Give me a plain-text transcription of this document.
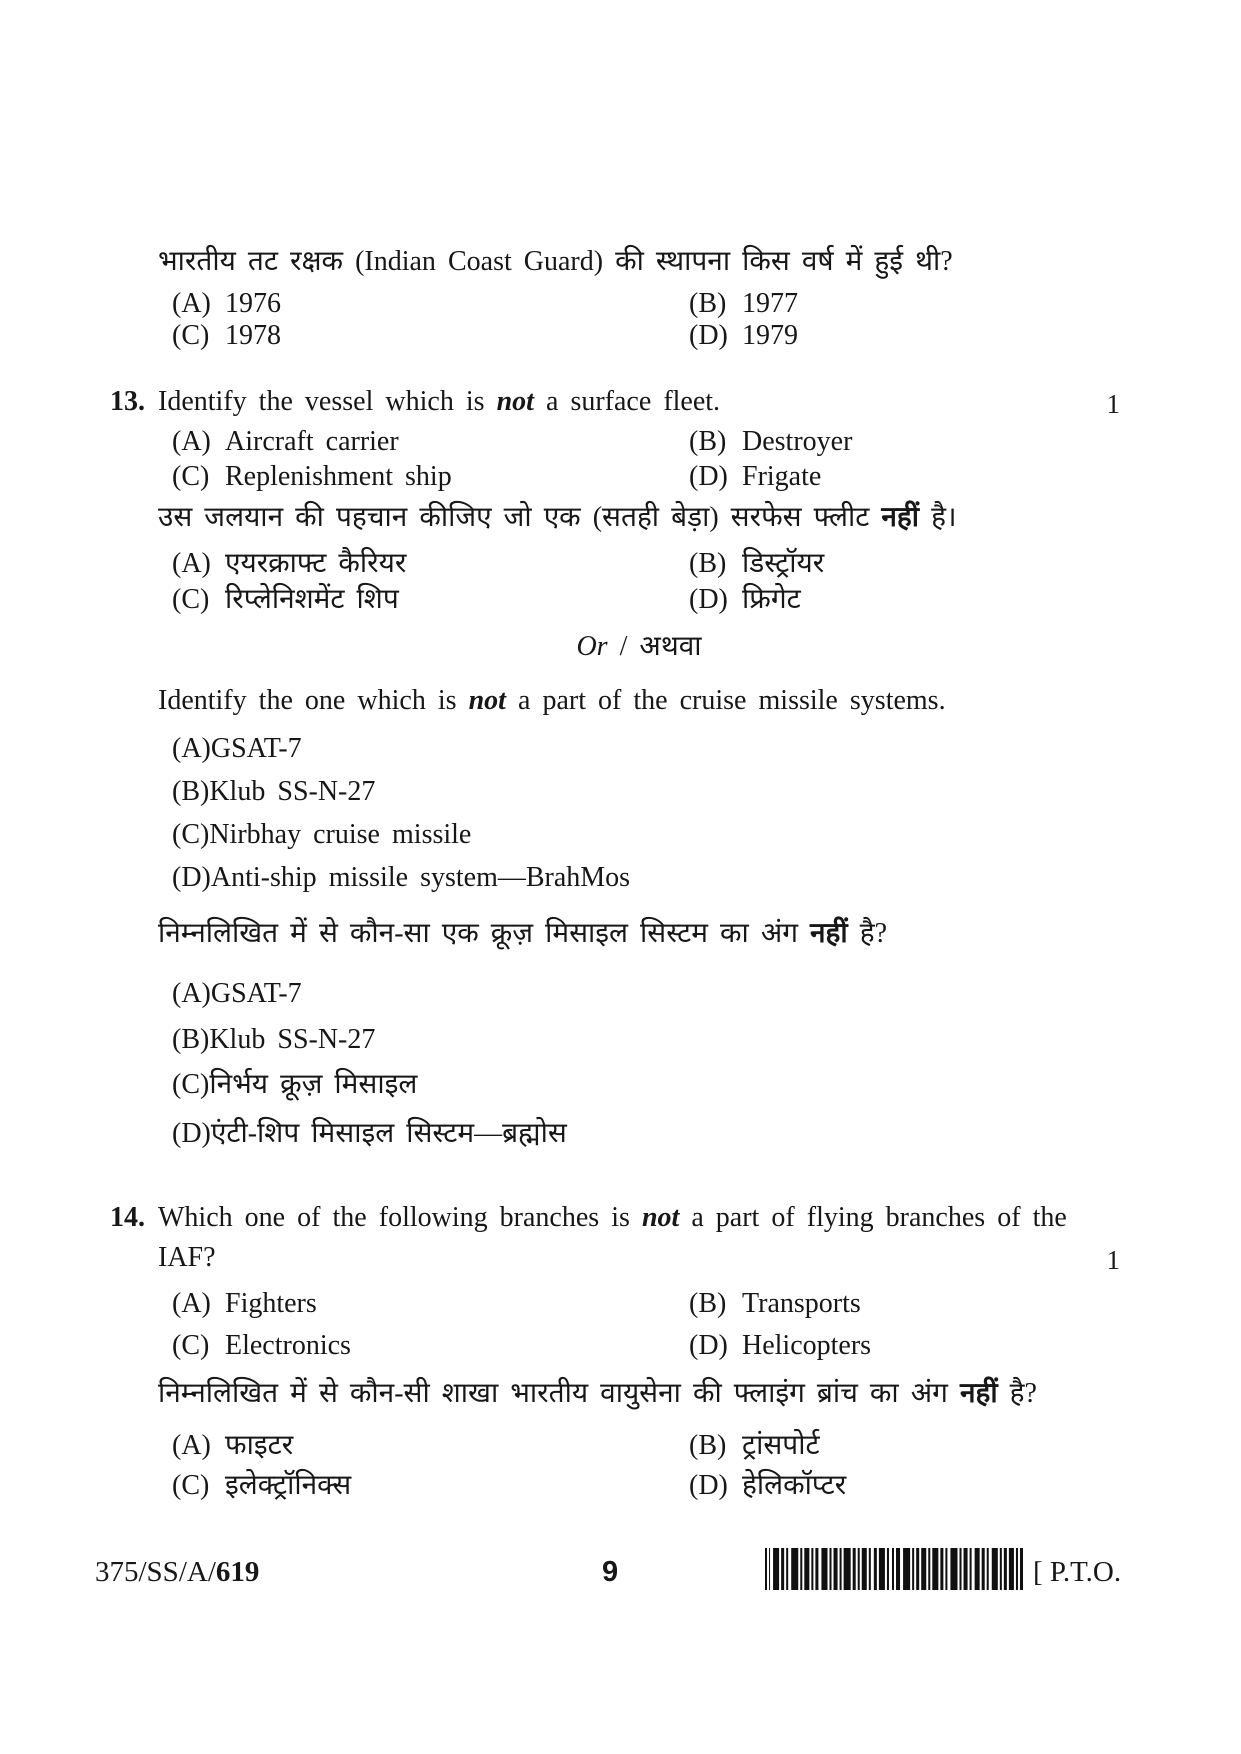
भारतीय तट रक्षक (Indian Coast Guard) की स्थापना किस वर्ष में हुई थी?
(A) 1976	(B) 1977
(C) 1978	(D) 1979
13. Identify the vessel which is not a surface fleet.	1
(A) Aircraft carrier	(B) Destroyer
(C) Replenishment ship	(D) Frigate
उस जलयान की पहचान कीजिए जो एक (सतही बेड़ा) सरफेस फ्लीट नहीं है।
(A) एयरक्राफ्ट कैरियर	(B) डिस्ट्रॉयर
(C) रिप्लेनिशमेंट शिप	(D) फ्रिगेट
Or / अथवा
Identify the one which is not a part of the cruise missile systems.
(A) GSAT-7
(B) Klub SS-N-27
(C) Nirbhay cruise missile
(D) Anti-ship missile system—BrahMos
निम्नलिखित में से कौन-सा एक क्रूज़ मिसाइल सिस्टम का अंग नहीं है?
(A) GSAT-7
(B) Klub SS-N-27
(C) निर्भय क्रूज़ मिसाइल
(D) एंटी-शिप मिसाइल सिस्टम—ब्रह्मोस
14. Which one of the following branches is not a part of flying branches of the
IAF?	1
(A) Fighters	(B) Transports
(C) Electronics	(D) Helicopters
निम्नलिखित में से कौन-सी शाखा भारतीय वायुसेना की फ्लाइंग ब्रांच का अंग नहीं है?
(A) फाइटर	(B) ट्रांसपोर्ट
(C) इलेक्ट्रॉनिक्स	(D) हेलिकॉप्टर
375/SS/A/619	9	[ P.T.O.
